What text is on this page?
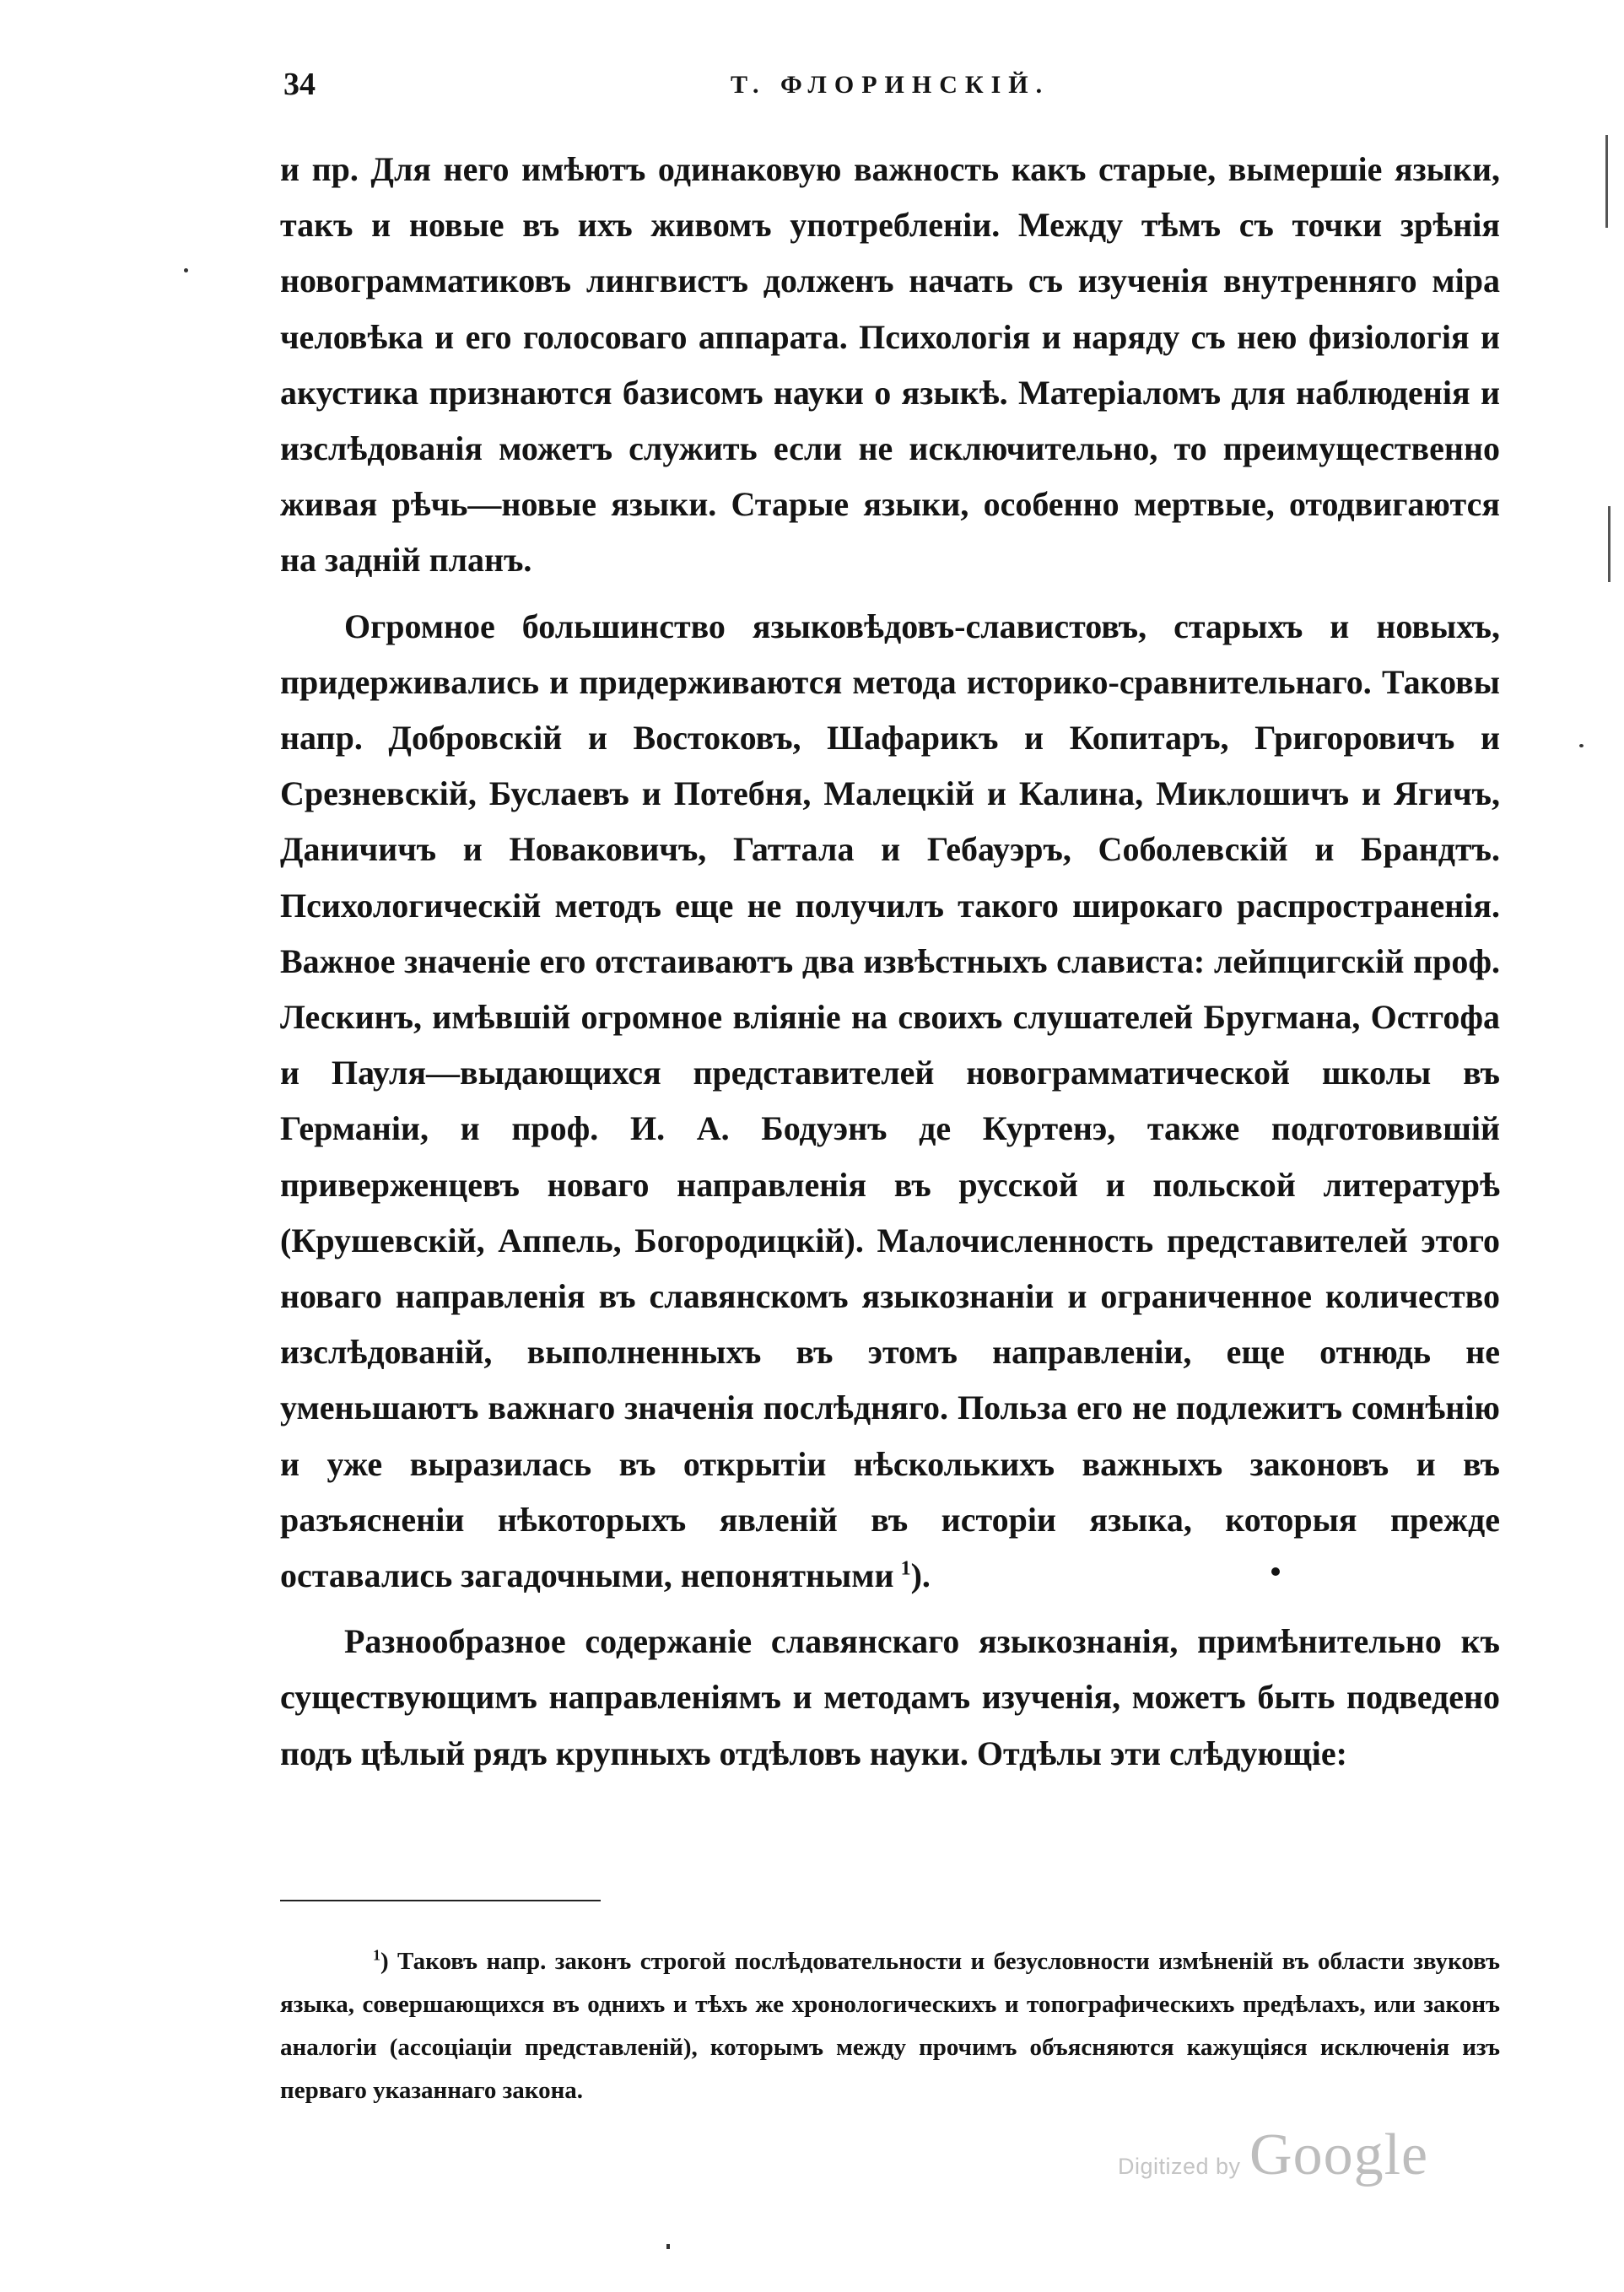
34	Т. ФЛОРИНСКІЙ.

и пр. Для него имѣютъ одинаковую важность какъ старые, вымершіе языки, такъ и новые въ ихъ живомъ употребленіи. Между тѣмъ съ точки зрѣнія новограмматиковъ лингвистъ долженъ начать съ изученія внутренняго міра человѣка и его голосоваго аппарата. Психологія и наряду съ нею физіологія и акустика признаются базисомъ науки о языкѣ. Матеріаломъ для наблюденія и изслѣдованія можетъ служить если не исключительно, то преимущественно живая рѣчь—новые языки. Старые языки, особенно мертвые, отодвигаются на задній планъ.

Огромное большинство языковѣдовъ-славистовъ, старыхъ и новыхъ, придерживались и придерживаются метода историко-сравнительнаго. Таковы напр. Добровскій и Востоковъ, Шафарикъ и Копитаръ, Григоровичъ и Срезневскій, Буслаевъ и Потебня, Малецкій и Калина, Миклошичъ и Ягичъ, Даничичъ и Новаковичъ, Гаттала и Гебауэръ, Соболевскій и Брандтъ. Психологическій методъ еще не получилъ такого широкаго распространенія. Важное значеніе его отстаиваютъ два извѣстныхъ слависта: лейпцигскій проф. Лескинъ, имѣвшій огромное вліяніе на своихъ слушателей Бругмана, Остгофа и Пауля—выдающихся представителей новограмматической школы въ Германіи, и проф. И. А. Бодуэнъ де Куртенэ, также подготовившій приверженцевъ новаго направленія въ русской и польской литературѣ (Крушевскій, Аппель, Богородицкій). Малочисленность представителей этого новаго направленія въ славянскомъ языкознаніи и ограниченное количество изслѣдованій, выполненныхъ въ этомъ направленіи, еще отнюдь не уменьшаютъ важнаго значенія послѣдняго. Польза его не подлежитъ сомнѣнію и уже выразилась въ открытіи нѣсколькихъ важныхъ законовъ и въ разъясненіи нѣкоторыхъ явленій въ исторіи языка, которыя прежде оставались загадочными, непонятными  $^1$).

Разнообразное содержаніе славянскаго языкознанія, примѣнительно къ существующимъ направленіямъ и методамъ изученія, можетъ быть подведено подъ цѣлый рядъ крупныхъ отдѣловъ науки. Отдѣлы эти слѣдующіе:

$^1$) Таковъ напр. законъ строгой послѣдовательности и безусловности измѣненій въ области звуковъ языка, совершающихся въ однихъ и тѣхъ же хронологическихъ и топографическихъ предѣлахъ, или законъ аналогіи (ассоціаціи представленій), которымъ между прочимъ объясняются кажущіяся исключенія изъ перваго указаннаго закона.
Digitized by Google
